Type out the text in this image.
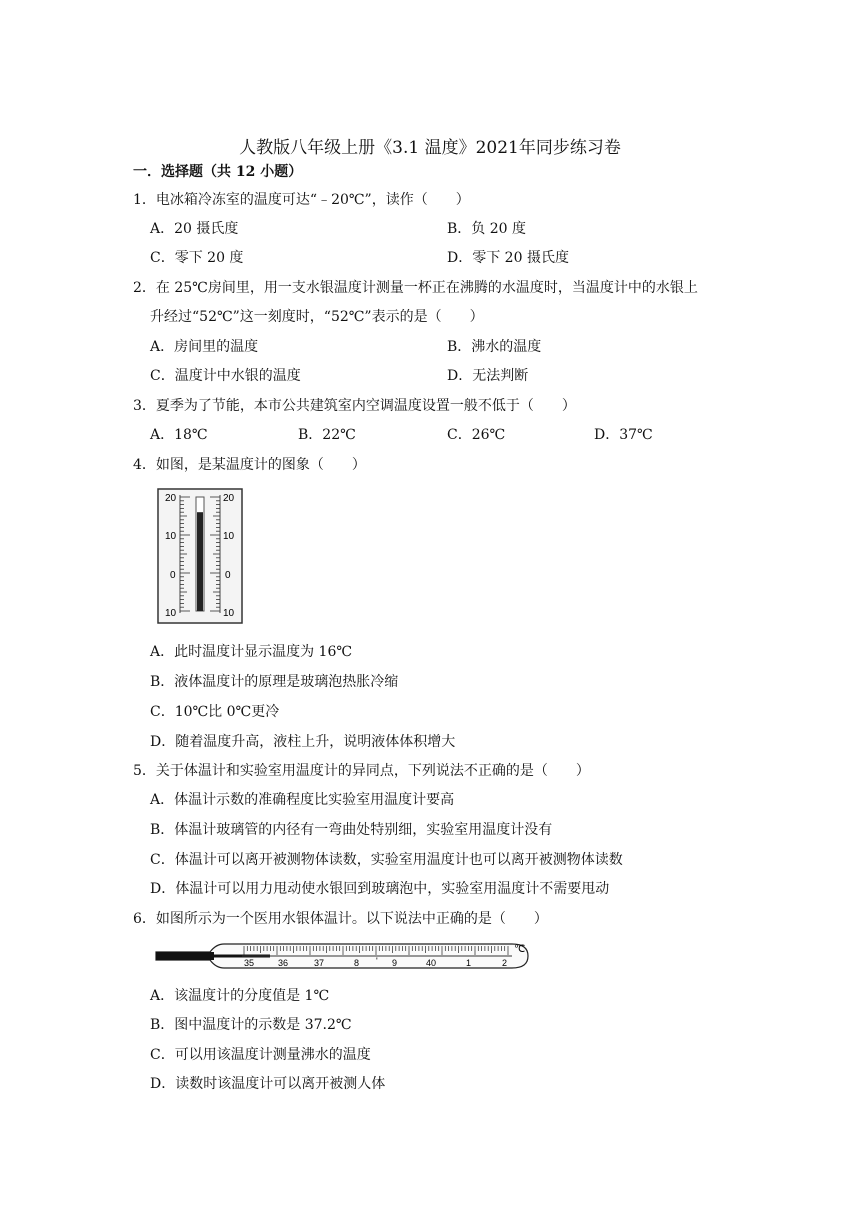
人教版八年级上册《3.1 温度》2021年同步练习卷
一．选择题（共 12 小题）
1．电冰箱冷冻室的温度可达“﹣20℃”，读作（　　）
A．20 摄氏度	B．负 20 度
C．零下 20 度	D．零下 20 摄氏度
2．在 25℃房间里，用一支水银温度计测量一杯正在沸腾的水温度时，当温度计中的水银上
升经过“52℃”这一刻度时，“52℃”表示的是（　　）
A．房间里的温度	B．沸水的温度
C．温度计中水银的温度	D．无法判断
3．夏季为了节能，本市公共建筑室内空调温度设置一般不低于（　　）
A．18℃	B．22℃	C．26℃	D．37℃
4．如图，是某温度计的图象（　　）
20
10
0
10
20
10
0
10
A．此时温度计显示温度为 16℃
B．液体温度计的原理是玻璃泡热胀冷缩
C．10℃比 0℃更冷
D．随着温度升高，液柱上升，说明液体体积增大
5．关于体温计和实验室用温度计的异同点，下列说法不正确的是（　　）
A．体温计示数的准确程度比实验室用温度计要高
B．体温计玻璃管的内径有一弯曲处特别细，实验室用温度计没有
C．体温计可以离开被测物体读数，实验室用温度计也可以离开被测物体读数
D．体温计可以用力甩动使水银回到玻璃泡中，实验室用温度计不需要甩动
6．如图所示为一个医用水银体温计。以下说法中正确的是（　　）
35	36	37	8 ' 9	40	1	2
℃
A．该温度计的分度值是 1℃
B．图中温度计的示数是 37.2℃
C．可以用该温度计测量沸水的温度
D．读数时该温度计可以离开被测人体
